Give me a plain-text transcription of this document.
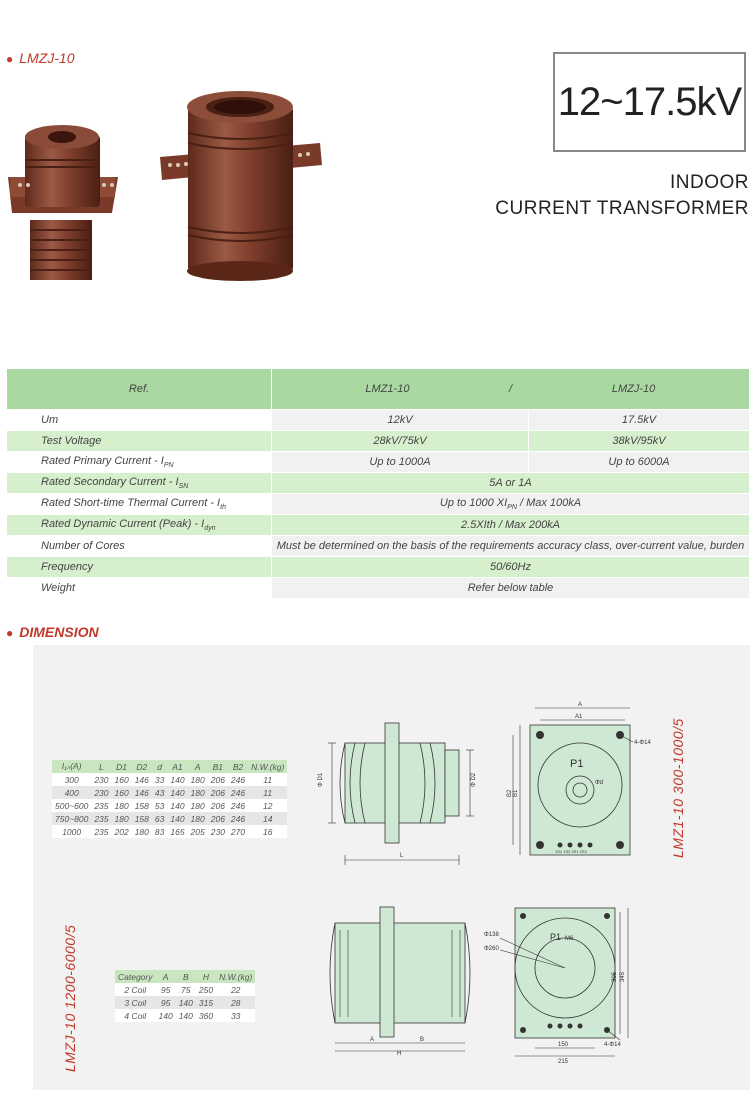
● LMZJ-10
12~17.5kV
INDOOR
CURRENT TRANSFORMER
Ref.	LMZ1-10 / LMZJ-10	
Um	12kV	17.5kV
Test Voltage	28kV/75kV	38kV/95kV
Rated Primary Current - $I_{PN}$	Up to 1000A	Up to 6000A
Rated Secondary Current - $I_{SN}$	5A or 1A	
Rated Short-time Thermal Current - $I_{th}$	Up to 1000 $XI_{PN}$ / Max 100kA	
Rated Dynamic Current (Peak) - $I_{dyn}$	2.5XIth / Max 200kA	
Number of Cores	Must be determined on the basis of the requirements accuracy class, over-current value, burden	
Frequency	50/60Hz	
Weight	Refer below table	
● DIMENSION
I₁ₙ(A)	L	D1	D2	d	A1	A	B1	B2	N.W.(kg)
300	230	160	146	33	140	180	206	246	11
400	230	160	146	43	140	180	206	246	11
500~600	235	180	158	53	140	180	206	246	12
750~800	235	180	158	63	140	180	206	246	14
1000	235	202	180	83	165	205	230	270	16
Category	A	B	H	N.W.(kg)
2 Coil	95	75	250	22
3 Coil	95	140	315	28
4 Coil	140	140	360	33
LMZ1-10 300-1000/5
LMZJ-10 1200-6000/5
Φ D1	Φ D2
L
A
A1
4-Φ14
P1
Φd
B2 B1
1S1 1S2 2S1 2S2
A	B
H
Φ138
Φ260
P1 M6
305 345
150
215
4-Φ14
